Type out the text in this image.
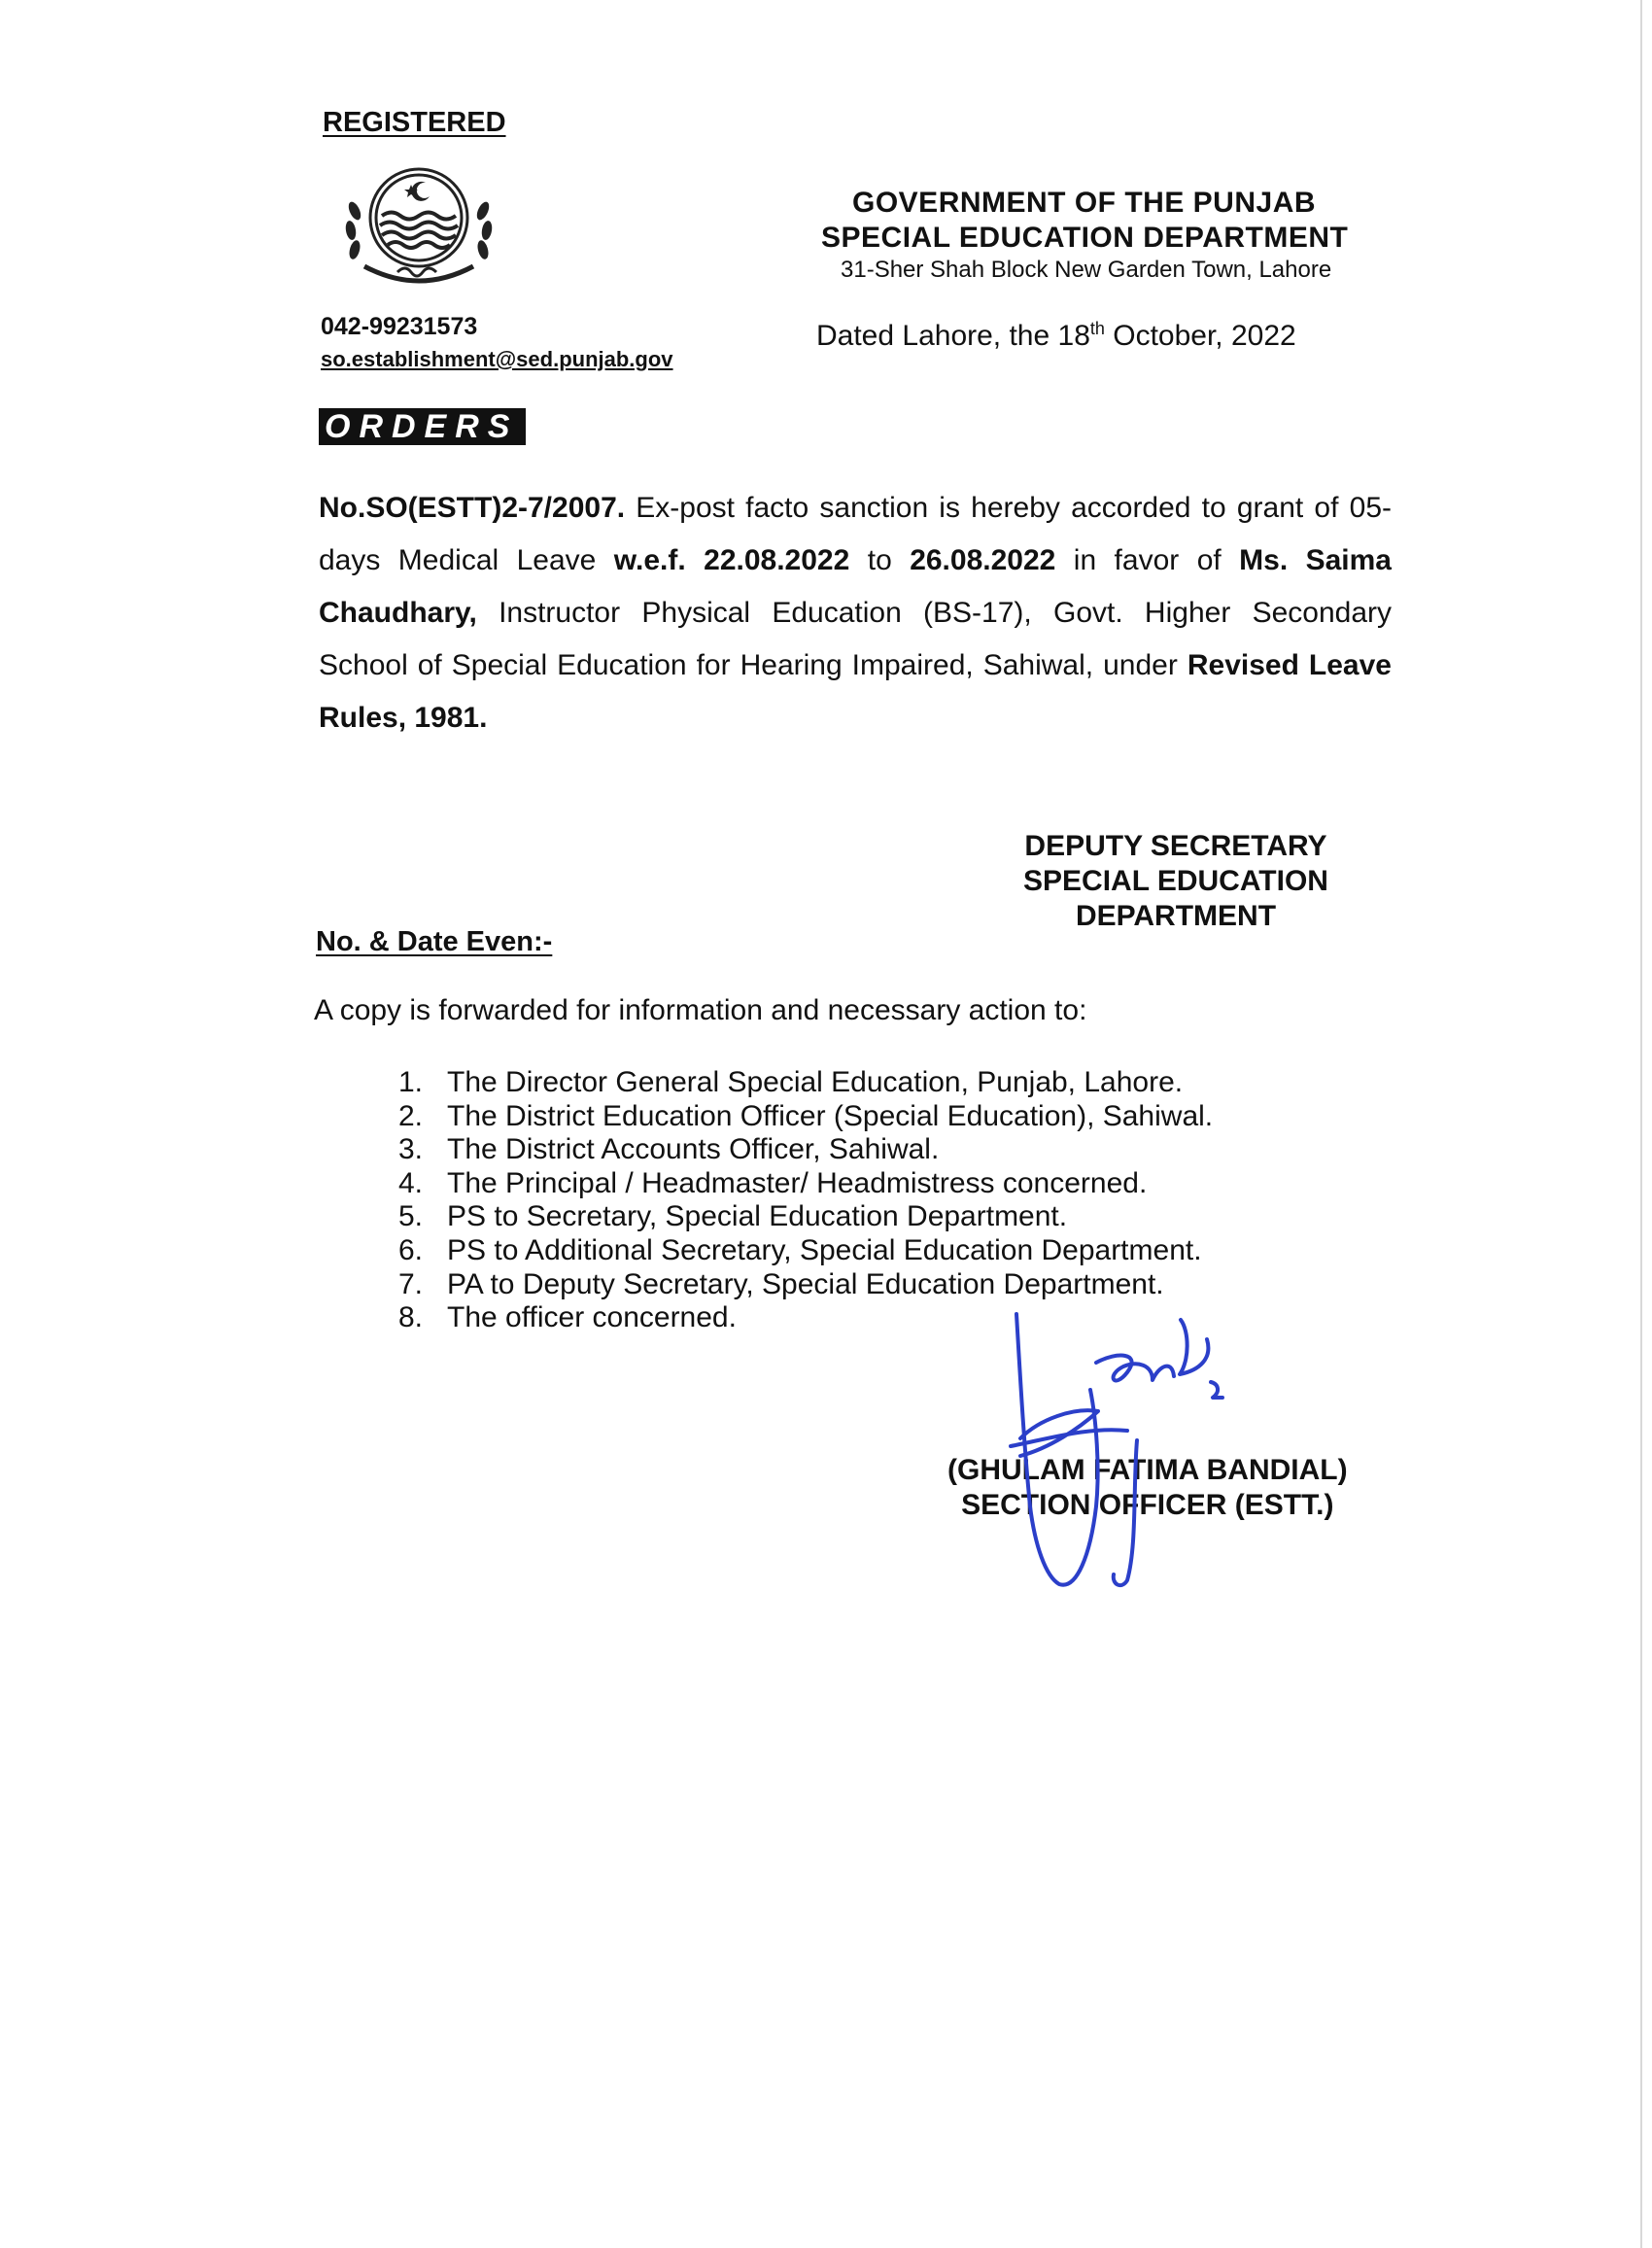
REGISTERED
042-99231573
so.establishment@sed.punjab.gov
GOVERNMENT OF THE PUNJAB
SPECIAL EDUCATION DEPARTMENT
31-Sher Shah Block New Garden Town, Lahore
Dated Lahore, the 18th October, 2022
ORDERS
No.SO(ESTT)2-7/2007. Ex-post facto sanction is hereby accorded to grant of 05-days Medical Leave w.e.f. 22.08.2022 to 26.08.2022 in favor of Ms. Saima Chaudhary, Instructor Physical Education (BS-17), Govt. Higher Secondary School of Special Education for Hearing Impaired, Sahiwal, under Revised Leave Rules, 1981.
DEPUTY SECRETARY
SPECIAL EDUCATION
DEPARTMENT
No. & Date Even:-
A copy is forwarded for information and necessary action to:
1. The Director General Special Education, Punjab, Lahore.
2. The District Education Officer (Special Education), Sahiwal.
3. The District Accounts Officer, Sahiwal.
4. The Principal / Headmaster/ Headmistress concerned.
5. PS to Secretary, Special Education Department.
6. PS to Additional Secretary, Special Education Department.
7. PA to Deputy Secretary, Special Education Department.
8. The officer concerned.
(GHULAM FATIMA BANDIAL)
SECTION OFFICER (ESTT.)
